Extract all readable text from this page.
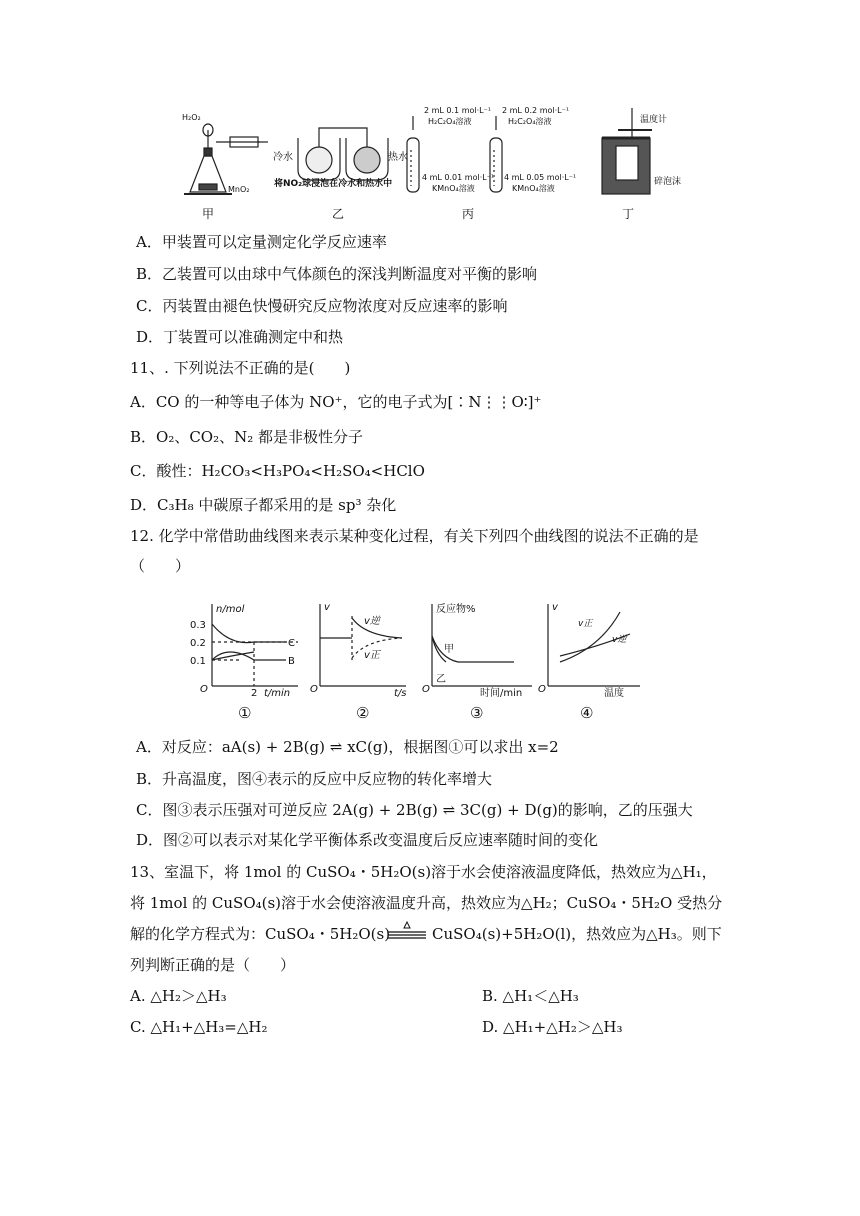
H₂O₂
MnO₂
冷水	热水
将NO₂球浸泡在冷水和热水中
2 mL 0.1 mol·L⁻¹
H₂C₂O₄溶液
2 mL 0.2 mol·L⁻¹
H₂C₂O₄溶液
4 mL 0.01 mol·L⁻¹
KMnO₄溶液
4 mL 0.05 mol·L⁻¹
KMnO₄溶液
温度计
碎泡沫
甲	乙	丙	丁
A．甲装置可以定量测定化学反应速率
B．乙装置可以由球中气体颜色的深浅判断温度对平衡的影响
C．丙装置由褪色快慢研究反应物浓度对反应速率的影响
D．丁装置可以准确测定中和热
11、. 下列说法不正确的是(　　)
A．CO 的一种等电子体为 NO⁺，它的电子式为[∶N⋮⋮O∶]⁺
B．O₂、CO₂、N₂ 都是非极性分子
C．酸性：H₂CO₃<H₃PO₄<H₂SO₄<HClO
D．C₃H₈ 中碳原子都采用的是 sp³ 杂化
12. 化学中常借助曲线图来表示某种变化过程，有关下列四个曲线图的说法不正确的是
（　　）
n/mol
0.3
0.2
0.1
O	2 t/min
C
B
①
v
O	t/s
v逆
v正
②
反应物%
O	时间/min
甲
乙
③
v
O	温度
v正
v逆
④
A．对反应：aA(s) + 2B(g) ⇌ xC(g)，根据图①可以求出 x=2
B．升高温度，图④表示的反应中反应物的转化率增大
C．图③表示压强对可逆反应 2A(g) + 2B(g) ⇌ 3C(g) + D(g)的影响，乙的压强大
D．图②可以表示对某化学平衡体系改变温度后反应速率随时间的变化
13、室温下，将 1mol 的 CuSO₄・5H₂O(s)溶于水会使溶液温度降低，热效应为△H₁，
将 1mol 的 CuSO₄(s)溶于水会使溶液温度升高，热效应为△H₂；CuSO₄・5H₂O 受热分
解的化学方程式为：CuSO₄・5H₂O(s)	CuSO₄(s)+5H₂O(l)，热效应为△H₃。则下
列判断正确的是（　　）
A. △H₂＞△H₃	B. △H₁＜△H₃
C. △H₁+△H₃=△H₂	D. △H₁+△H₂＞△H₃
